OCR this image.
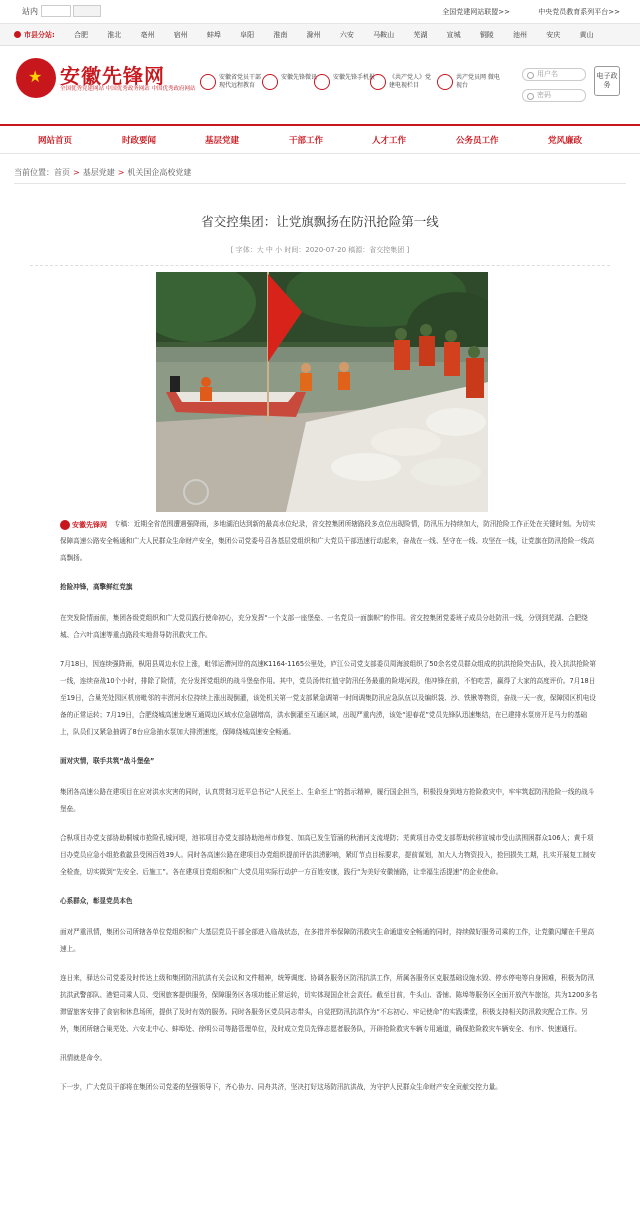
站内
	全国党建网站联盟>>	中央党员教育系列平台>>
市县分站:	合肥	淮北	亳州	宿州	蚌埠	阜阳	淮南	滁州	六安	马鞍山	芜湖	宣城	铜陵	池州	安庆	黄山
★
安徽先锋网
全国优秀党建网站 中国优秀政务网站 中国优秀政府网站
安徽省党员干部现代远程教育
安徽先锋微讯	安徽先锋手机报	《共产党人》党建电视栏目
共产党员网 微电视台
用户名
密码
电子政务
网站首页	时政要闻	基层党建	干部工作	人才工作	公务员工作	党风廉政
当前位置：首页 > 基层党建 > 机关国企高校党建
省交控集团：让党旗飘扬在防汛抢险第一线
[ 字体：大 中 小 时间：2020-07-20 稿源：省交控集团 ]

安徽先锋网 专稿：近期全省范围遭遇强降雨，多地湖泊达到新的最高水位纪录，省交控集团所辖路段多点位出现险情，防汛压力持续加大，防汛抢险工作正处在关键时刻。为切实保障高速公路安全畅通和广大人民群众生命财产安全，集团公司党委号召各基层党组织和广大党员干部迅速行动起来，奋战在一线、坚守在一线、攻坚在一线，让党旗在防汛抢险一线高高飘扬。

抢险冲锋，高擎鲜红党旗

在突发险情面前，集团各级党组织和广大党员践行使命初心，充分发挥“一个支部一座堡垒、一名党员一面旗帜”的作用。省交控集团党委班子成员分赴防汛一线，分别到芜湖、合肥绕城、合六叶高速等重点路段实地督导防汛救灾工作。

7月18日，因连续强降雨，枞阳县周边水位上涨，毗邻运漕河岸的高速K1164-1165公里处，庐江公司党支部委员周海波组织了50余名党员群众组成的抗洪抢险突击队，投入抗洪抢险第一线，连续奋战10个小时，排除了险情，充分发挥党组织的战斗堡垒作用。其中，党员汤传红值守防汛任务最重的险堤河段，他冲锋在前，不怕吃苦，赢得了大家的高度评价。7月18日至19日，合巢芜处园区机房毗邻的丰涝河水位持续上涨出现倒灌，该处机关第一党支部紧急调第一时间调集防汛应急队伍以及编织袋、沙、铁锹等物资，奋战一天一夜，保障园区机电设备的正常运转；7月19日，合肥绕城高速龙塘互通周边区域水位急剧增高，洪水倒灌至互通区域，出现严重内涝，该处“迎春花”党员先锋队迅速集结，在已建排水泵房开足马力的基础上，队员们又紧急抽调了8台应急抽水泵加大排涝速度，保障绕城高速安全畅通。

面对灾情，联手共筑“战斗堡垒”

集团各高速公路在建项目在应对洪水灾害的同时，认真贯彻习近平总书记“人民至上、生命至上”的指示精神，履行国企担当，积极投身到地方抢险救灾中，牢牢筑起防汛抢险一线的战斗堡垒。

合枞项目办党支部协助桐城市抢险孔城河堤，池祁项目办党支部协助池州市修复、加高已发生管涌的秋浦河支流堤防；芜黄项目办党支部帮助转移宣城市受山洪围困群众106人；黄千项目办党员应急小组抢救歙县受困百姓39人。同时各高速公路在建项目办党组织提前评估洪涝影响，紧盯节点目标要求，提前谋划，加大人力物资投入，抢回损失工期，扎实开展复工制安全检查，切实做到“先安全、后施工”。各在建项目党组织和广大党员用实际行动护一方百姓安康，践行“为美好安徽铺路，让幸福生活提速”的企业使命。

心系群众，彰显党员本色

面对严重汛情，集团公司所辖各单位党组织和广大基层党员干部全部进入临战状态，在多措并举保障防汛救灾生命通道安全畅通的同时，持续做好服务司乘的工作，让党徽闪耀在千里高速上。

连日来，驿达公司党委及时传达上级和集团防汛抗洪有关会议和文件精神，统筹调度、协调各服务区防汛抗洪工作，所属各服务区克服基础设施水毁、停水停电等自身困难，积极为防汛抗洪武警部队、港铠司乘人员、受困旅客提供服务，保障服务区各项功能正常运转，切实体现国企社会责任。截至目前，牛头山、香铺、陈埠等服务区全面开放汽车旅馆，共为1200多名滞留旅客安排了食宿和休息场所，提供了及时有效的服务。同时各服务区党员同志带头，自觉把防汛抗洪作为“不忘初心、牢记使命”的实践课堂，积极支持相关防汛救灾配合工作。另外，集团所辖合巢芜处、六安北中心、蚌埠处、徐明公司等路管理单位，及时成立党员先锋志愿者服务队，开辟抢险救灾车辆专用通道，确保抢险救灾车辆安全、有序、快速通行。

汛情就是命令。

下一步，广大党员干部将在集团公司党委的坚强领导下，齐心协力、同舟共济，坚决打好这场防汛抗洪战，为守护人民群众生命财产安全贡献交控力量。
